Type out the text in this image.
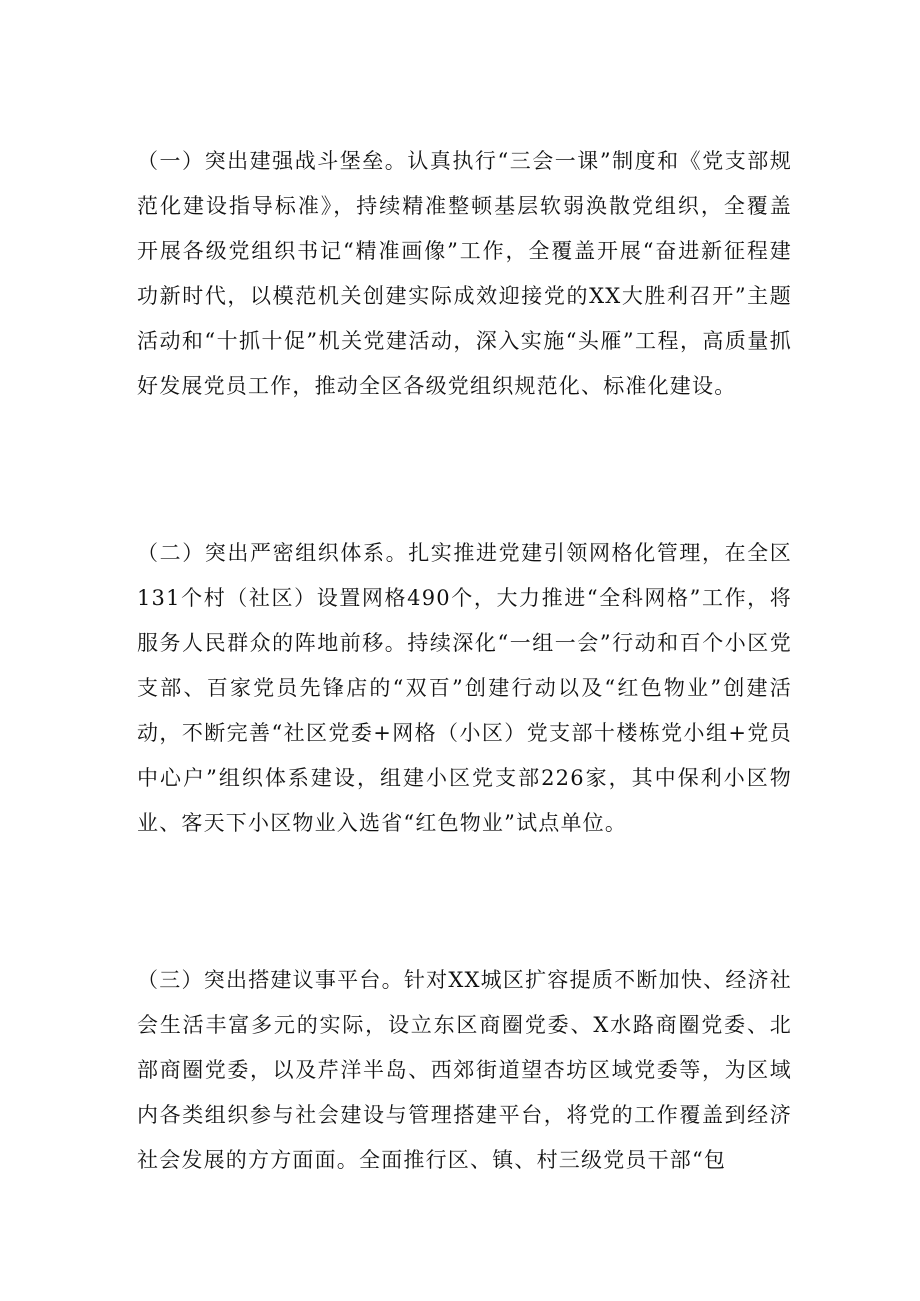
（一）突出建强战斗堡垒。认真执行“三会一课”制度和《党支部规范化建设指导标准》，持续精准整顿基层软弱涣散党组织，全覆盖开展各级党组织书记“精准画像”工作，全覆盖开展“奋进新征程建功新时代，以模范机关创建实际成效迎接党的XX大胜利召开”主题活动和“十抓十促”机关党建活动，深入实施“头雁”工程，高质量抓好发展党员工作，推动全区各级党组织规范化、标准化建设。

（二）突出严密组织体系。扎实推进党建引领网格化管理，在全区131个村（社区）设置网格490个，大力推进“全科网格”工作，将服务人民群众的阵地前移。持续深化“一组一会”行动和百个小区党支部、百家党员先锋店的“双百”创建行动以及“红色物业”创建活动，不断完善“社区党委+网格（小区）党支部十楼栋党小组+党员中心户”组织体系建设，组建小区党支部226家，其中保利小区物业、客天下小区物业入选省“红色物业”试点单位。

（三）突出搭建议事平台。针对XX城区扩容提质不断加快、经济社会生活丰富多元的实际，设立东区商圈党委、X水路商圈党委、北部商圈党委，以及芹洋半岛、西郊街道望杏坊区域党委等，为区域内各类组织参与社会建设与管理搭建平台，将党的工作覆盖到经济社会发展的方方面面。全面推行区、镇、村三级党员干部“包
